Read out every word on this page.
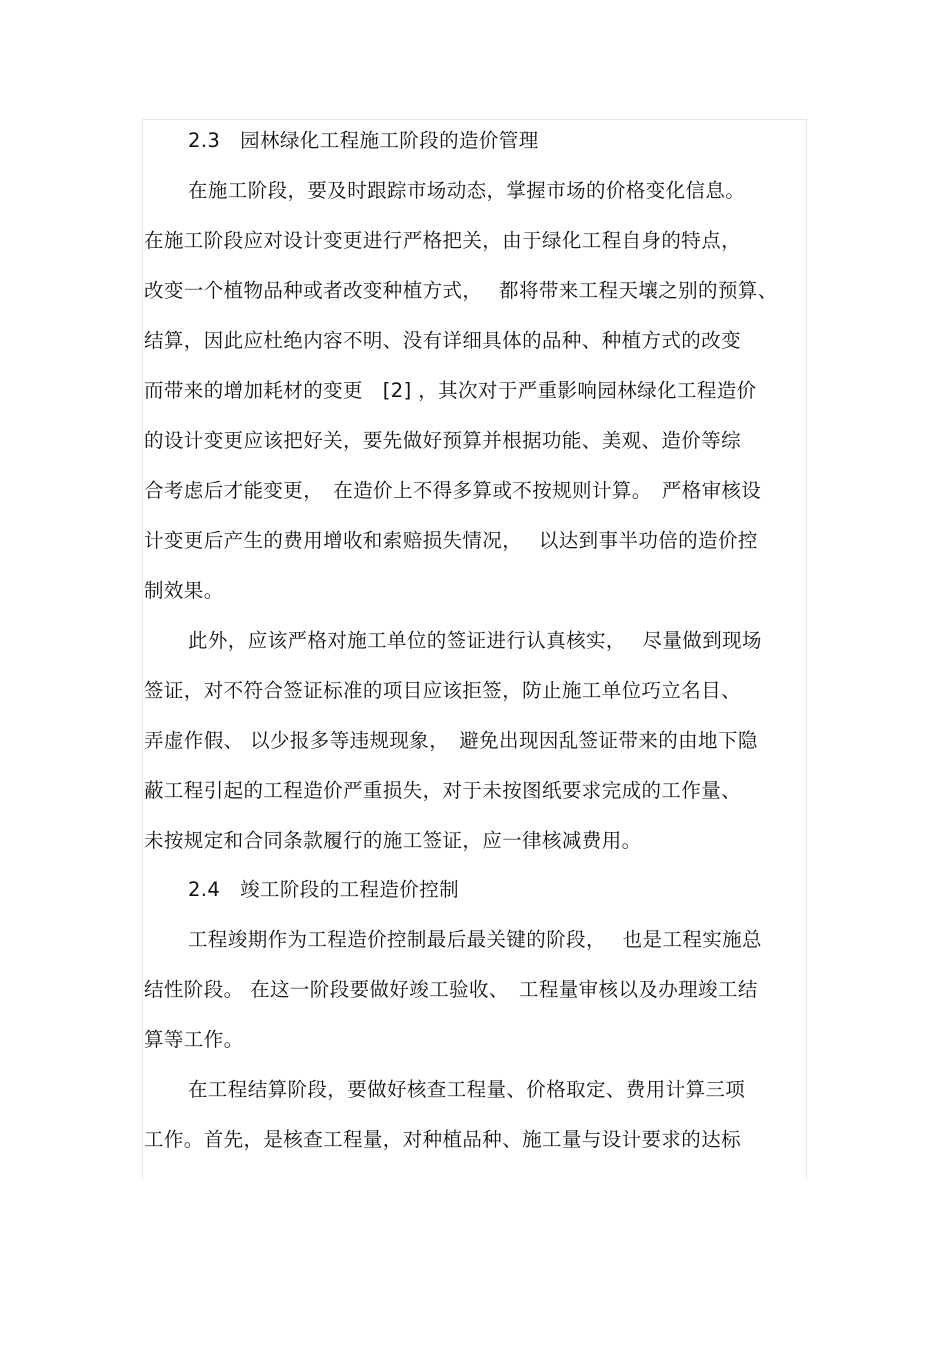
2.3　园林绿化工程施工阶段的造价管理
在施工阶段，要及时跟踪市场动态，掌握市场的价格变化信息。
在施工阶段应对设计变更进行严格把关，由于绿化工程自身的特点，
改变一个植物品种或者改变种植方式，　 都将带来工程天壤之别的预算、
结算，因此应杜绝内容不明、没有详细具体的品种、种植方式的改变
而带来的增加耗材的变更　[2] ，其次对于严重影响园林绿化工程造价
的设计变更应该把好关，要先做好预算并根据功能、美观、造价等综
合考虑后才能变更，　在造价上不得多算或不按规则计算。　严格审核设
计变更后产生的费用增收和索赔损失情况，　 以达到事半功倍的造价控
制效果。
此外，应该严格对施工单位的签证进行认真核实，　 尽量做到现场
签证，对不符合签证标准的项目应该拒签，防止施工单位巧立名目、
弄虚作假、 以少报多等违规现象，　避免出现因乱签证带来的由地下隐
蔽工程引起的工程造价严重损失，对于未按图纸要求完成的工作量、
未按规定和合同条款履行的施工签证，应一律核减费用。
2.4　竣工阶段的工程造价控制
工程竣期作为工程造价控制最后最关键的阶段，　 也是工程实施总
结性阶段。 在这一阶段要做好竣工验收、　工程量审核以及办理竣工结
算等工作。
在工程结算阶段，要做好核查工程量、价格取定、费用计算三项
工作。首先，是核查工程量，对种植品种、施工量与设计要求的达标
